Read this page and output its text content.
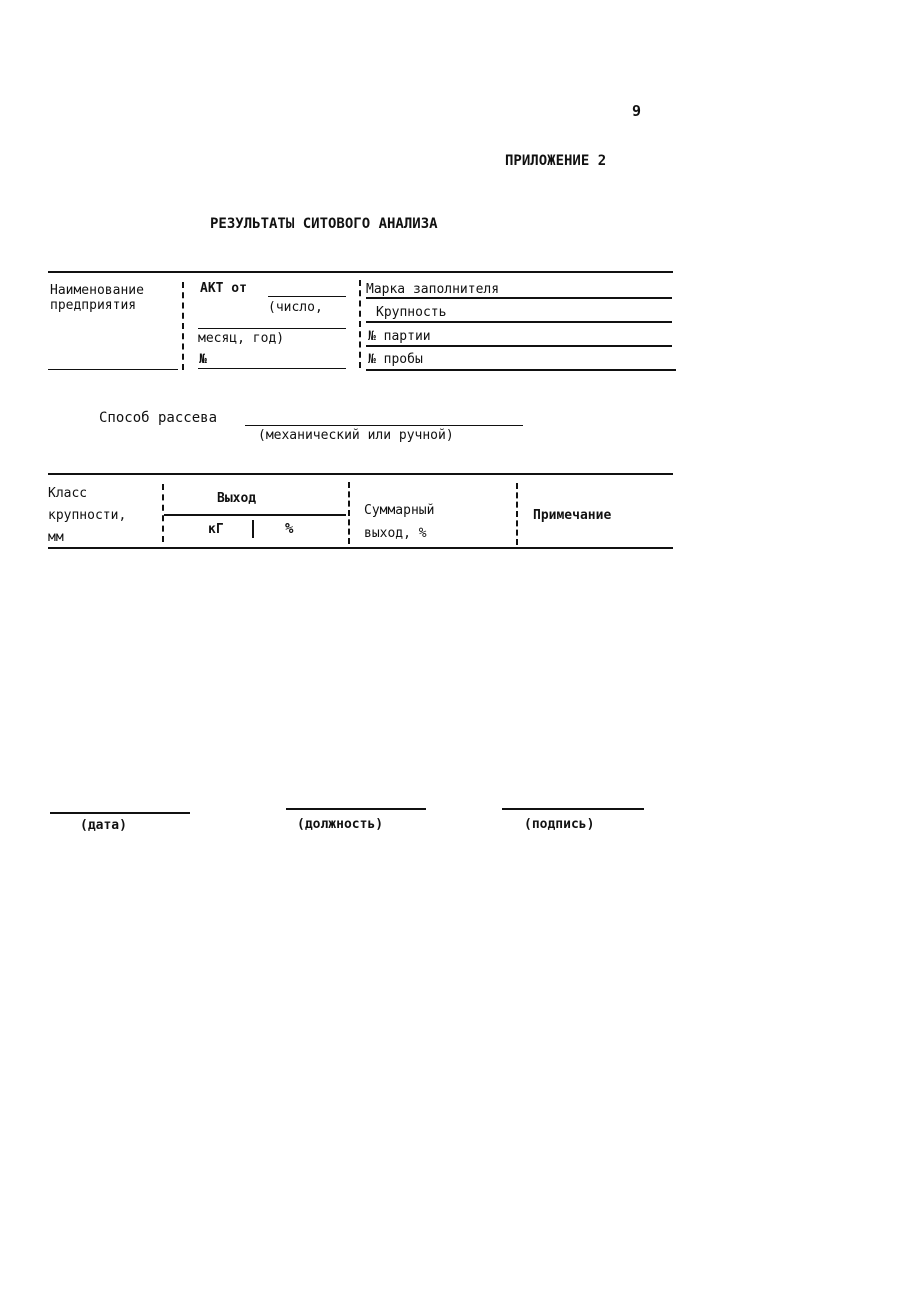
9
ПРИЛОЖЕНИЕ 2
РЕЗУЛЬТАТЫ СИТОВОГО АНАЛИЗА
Наименование
предприятия
АКТ от
(число,
месяц, год)
№
Марка заполнителя
Крупность
№ партии
№ пробы
Способ рассева
(механический или ручной)
Класс
крупности,
мм
Выход
кГ	%
Суммарный
выход, %
Примечание
(дата)	(должность)	(подпись)
